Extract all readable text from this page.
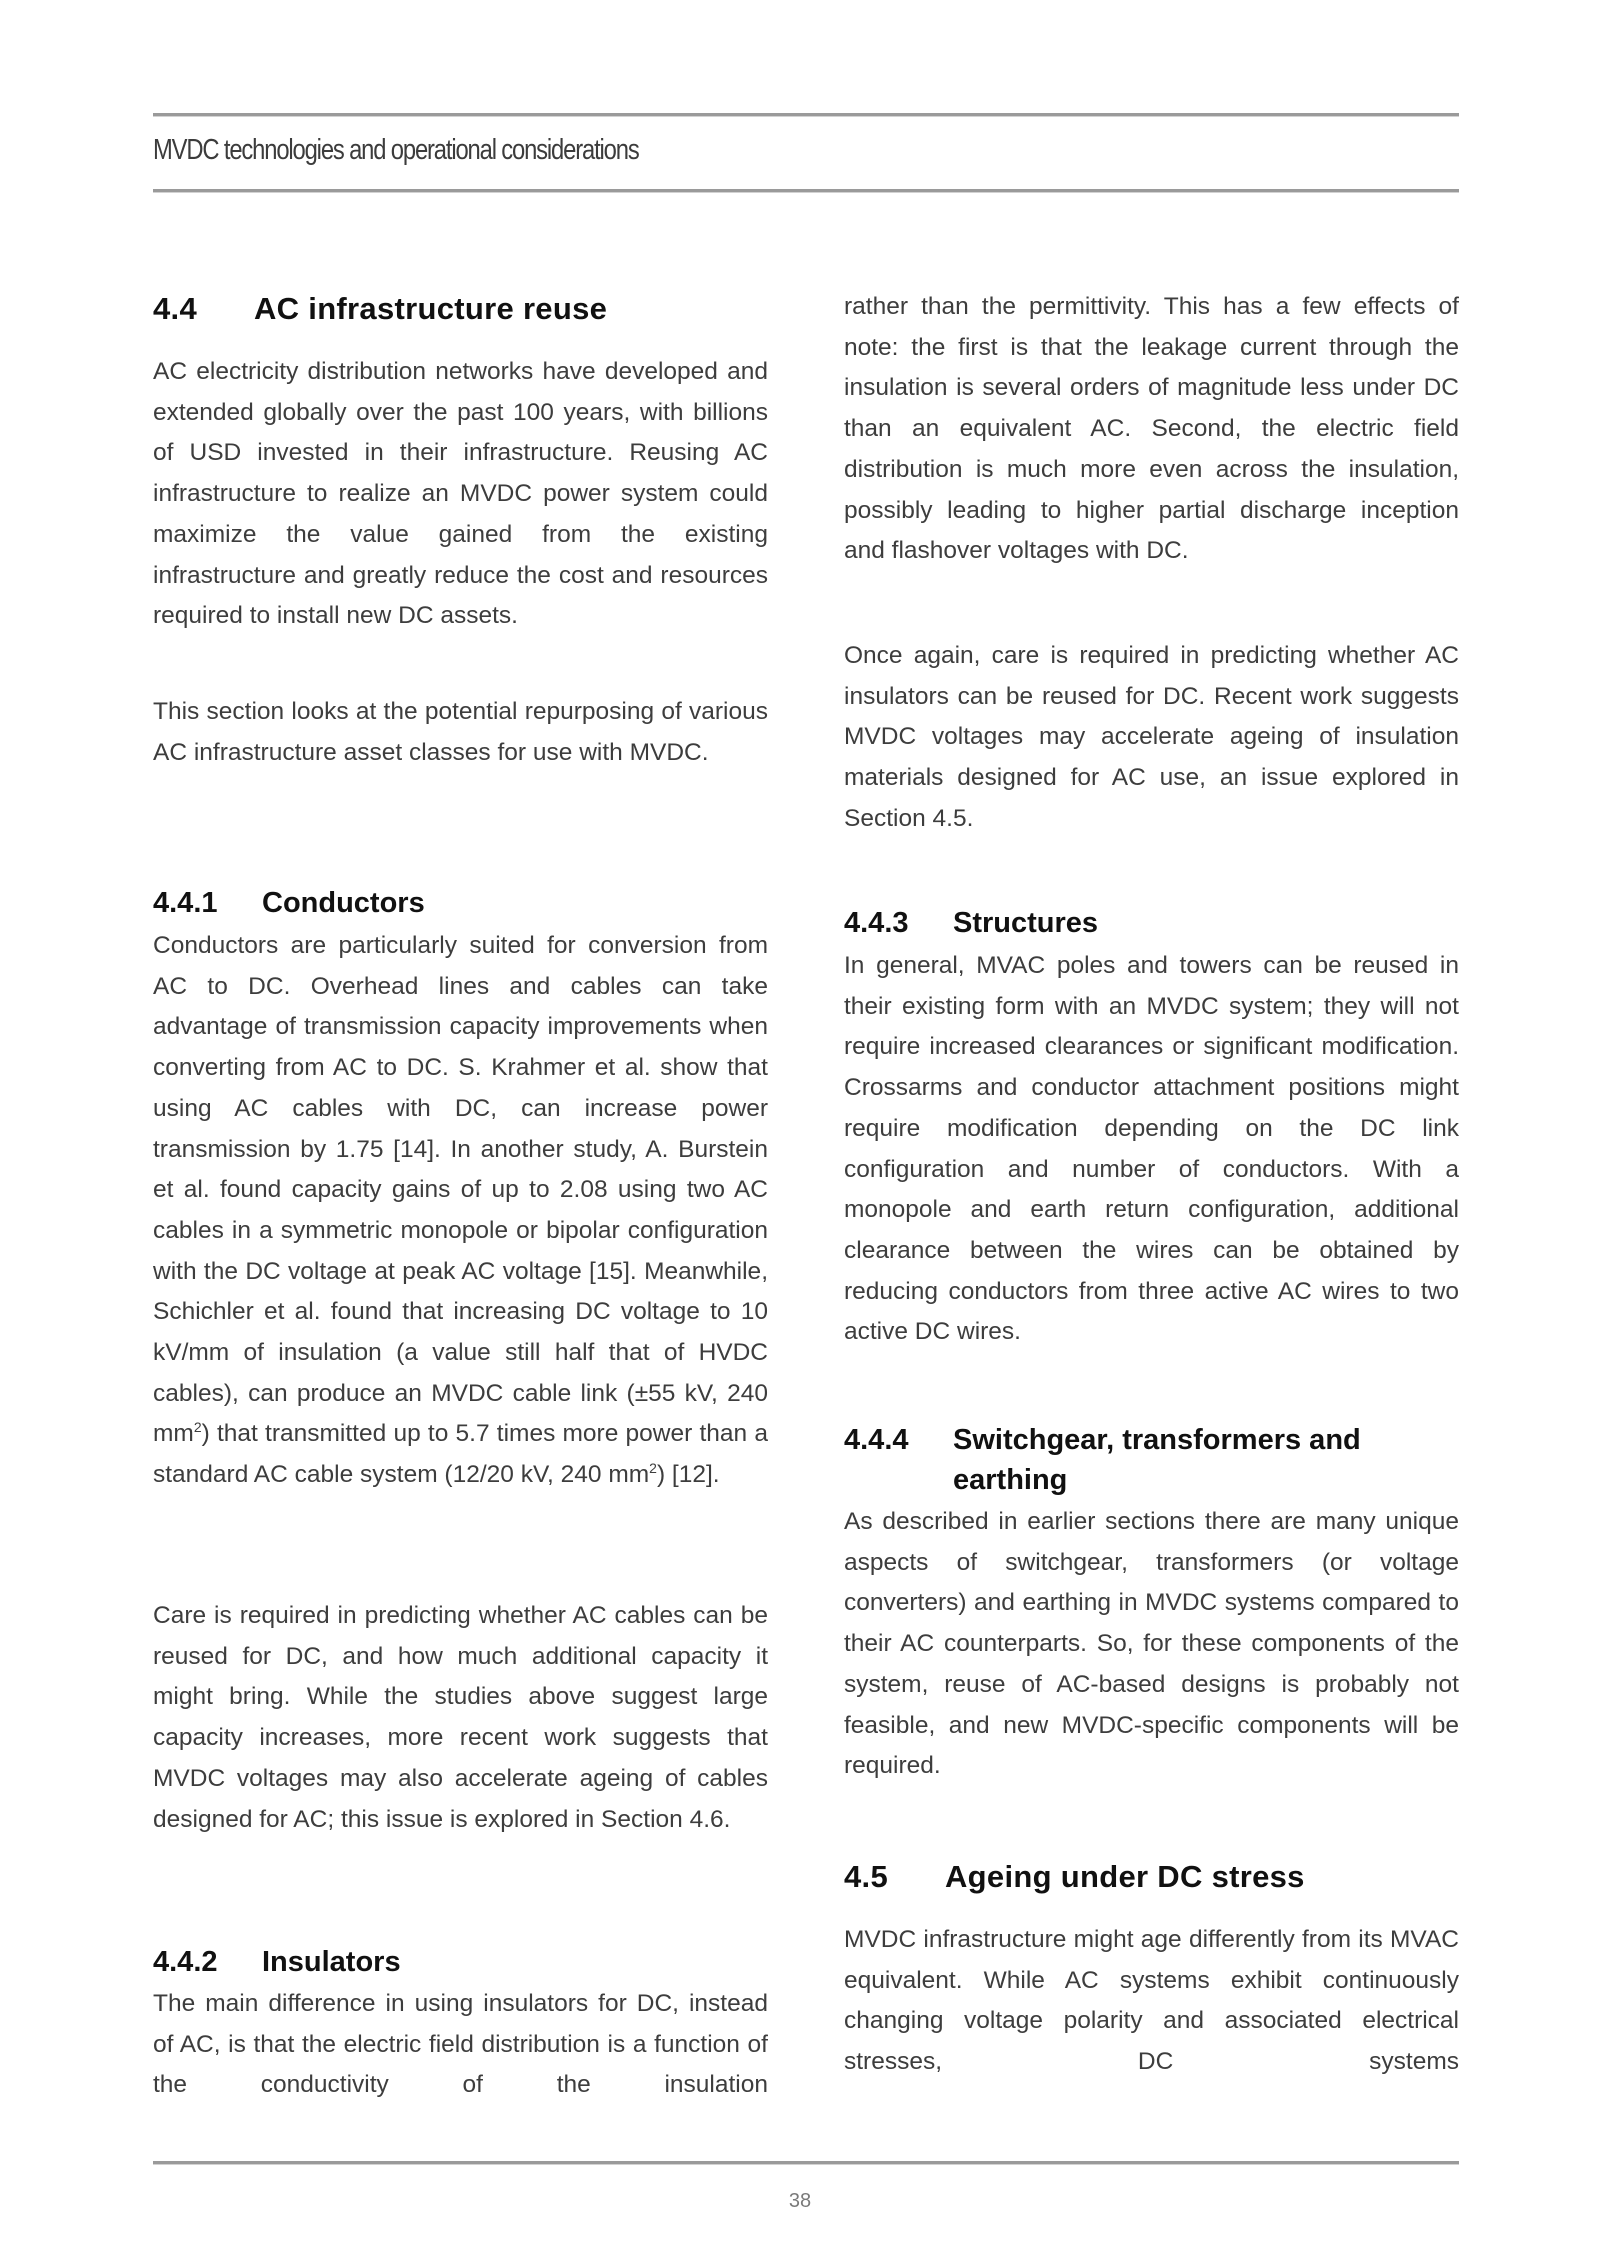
MVDC technologies and operational considerations
4.4	AC infrastructure reuse

AC electricity distribution networks have developed and extended globally over the past 100 years, with billions of USD invested in their infrastructure. Reusing AC infrastructure to realize an MVDC power system could maximize the value gained from the existing infrastructure and greatly reduce the cost and resources required to install new DC assets.

This section looks at the potential repurposing of various AC infrastructure asset classes for use with MVDC.

4.4.1	Conductors

Conductors are particularly suited for conversion from AC to DC. Overhead lines and cables can take advantage of transmission capacity improvements when converting from AC to DC. S. Krahmer et al. show that using AC cables with DC, can increase power transmission by 1.75 [14]. In another study, A. Burstein et al. found capacity gains of up to 2.08 using two AC cables in a symmetric monopole or bipolar configuration with the DC voltage at peak AC voltage [15]. Meanwhile, Schichler et al. found that increasing DC voltage to 10 kV/mm of insulation (a value still half that of HVDC cables), can produce an MVDC cable link (±55 kV, 240 $mm^2$) that transmitted up to 5.7 times more power than a standard AC cable system (12/20 kV, 240 $mm^2$) [12].

Care is required in predicting whether AC cables can be reused for DC, and how much additional capacity it might bring. While the studies above suggest large capacity increases, more recent work suggests that MVDC voltages may also accelerate ageing of cables designed for AC; this issue is explored in Section 4.6.

4.4.2	Insulators

The main difference in using insulators for DC, instead of AC, is that the electric field distribution is a function of the conductivity of the insulation

rather than the permittivity. This has a few effects of note: the first is that the leakage current through the insulation is several orders of magnitude less under DC than an equivalent AC. Second, the electric field distribution is much more even across the insulation, possibly leading to higher partial discharge inception and flashover voltages with DC.

Once again, care is required in predicting whether AC insulators can be reused for DC. Recent work suggests MVDC voltages may accelerate ageing of insulation materials designed for AC use, an issue explored in Section 4.5.

4.4.3	Structures

In general, MVAC poles and towers can be reused in their existing form with an MVDC system; they will not require increased clearances or significant modification. Crossarms and conductor attachment positions might require modification depending on the DC link configuration and number of conductors. With a monopole and earth return configuration, additional clearance between the wires can be obtained by reducing conductors from three active AC wires to two active DC wires.

4.4.4	Switchgear, transformers and earthing

As described in earlier sections there are many unique aspects of switchgear, transformers (or voltage converters) and earthing in MVDC systems compared to their AC counterparts. So, for these components of the system, reuse of AC-based designs is probably not feasible, and new MVDC-specific components will be required.

4.5	Ageing under DC stress

MVDC infrastructure might age differently from its MVAC equivalent. While AC systems exhibit continuously changing voltage polarity and associated electrical stresses, DC systems

38
